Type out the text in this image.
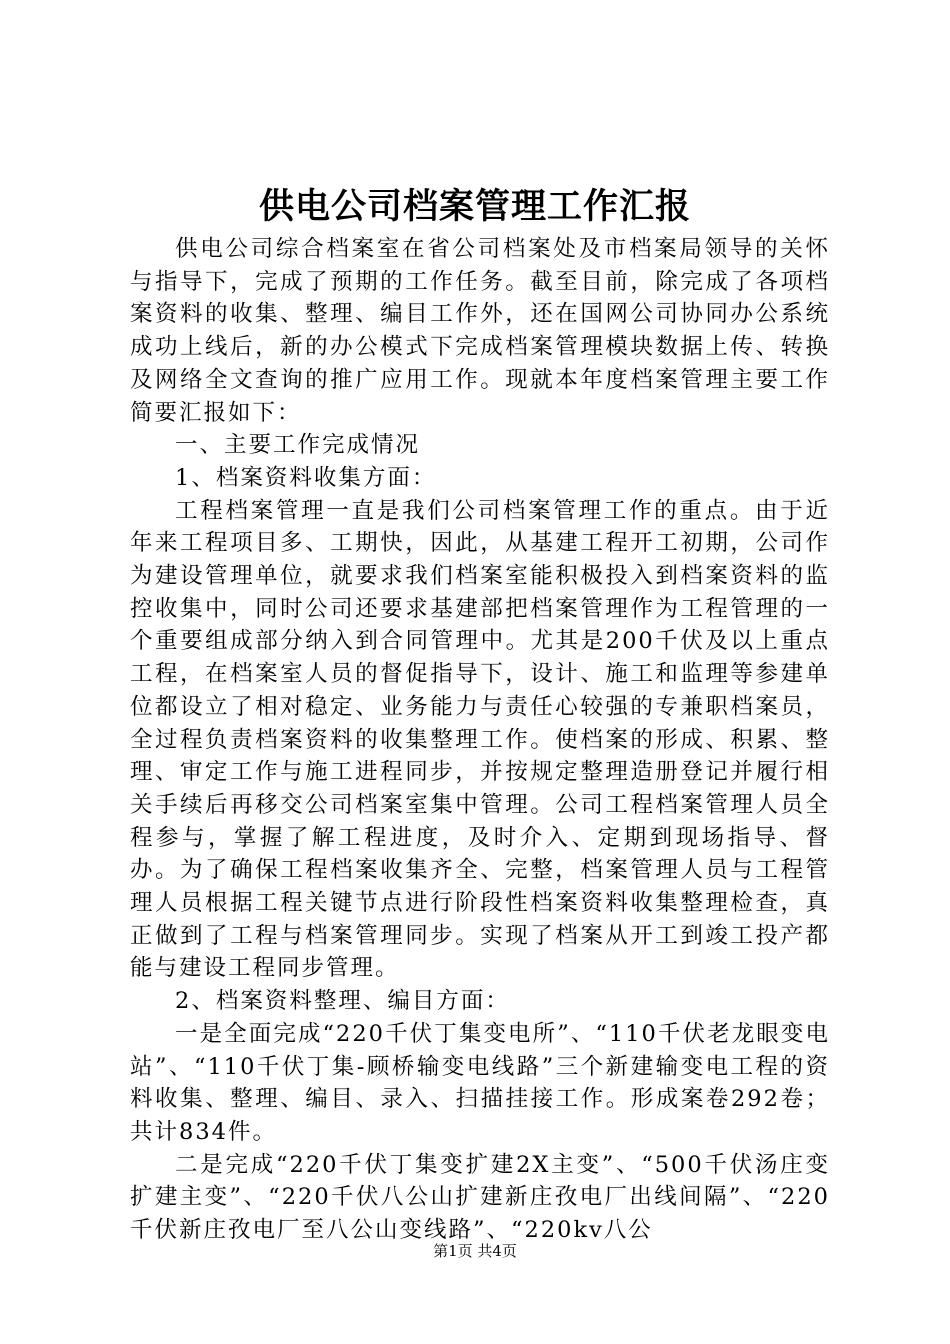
供电公司档案管理工作汇报

供电公司综合档案室在省公司档案处及市档案局领导的关怀与指导下，完成了预期的工作任务。截至目前，除完成了各项档案资料的收集、整理、编目工作外，还在国网公司协同办公系统成功上线后，新的办公模式下完成档案管理模块数据上传、转换及网络全文查询的推广应用工作。现就本年度档案管理主要工作简要汇报如下：

一、主要工作完成情况

1、档案资料收集方面：

工程档案管理一直是我们公司档案管理工作的重点。由于近年来工程项目多、工期快，因此，从基建工程开工初期，公司作为建设管理单位，就要求我们档案室能积极投入到档案资料的监控收集中，同时公司还要求基建部把档案管理作为工程管理的一个重要组成部分纳入到合同管理中。尤其是200千伏及以上重点工程，在档案室人员的督促指导下，设计、施工和监理等参建单位都设立了相对稳定、业务能力与责任心较强的专兼职档案员，全过程负责档案资料的收集整理工作。使档案的形成、积累、整理、审定工作与施工进程同步，并按规定整理造册登记并履行相关手续后再移交公司档案室集中管理。公司工程档案管理人员全程参与，掌握了解工程进度，及时介入、定期到现场指导、督办。为了确保工程档案收集齐全、完整，档案管理人员与工程管理人员根据工程关键节点进行阶段性档案资料收集整理检查，真正做到了工程与档案管理同步。实现了档案从开工到竣工投产都能与建设工程同步管理。

2、档案资料整理、编目方面：

一是全面完成“220千伏丁集变电所”、“110千伏老龙眼变电站”、“110千伏丁集-顾桥输变电线路”三个新建输变电工程的资料收集、整理、编目、录入、扫描挂接工作。形成案卷292卷；共计834件。

二是完成“220千伏丁集变扩建2X主变”、“500千伏汤庄变扩建主变”、“220千伏八公山扩建新庄孜电厂出线间隔”、“220千伏新庄孜电厂至八公山变线路”、“220kv八公

第1页 共4页
